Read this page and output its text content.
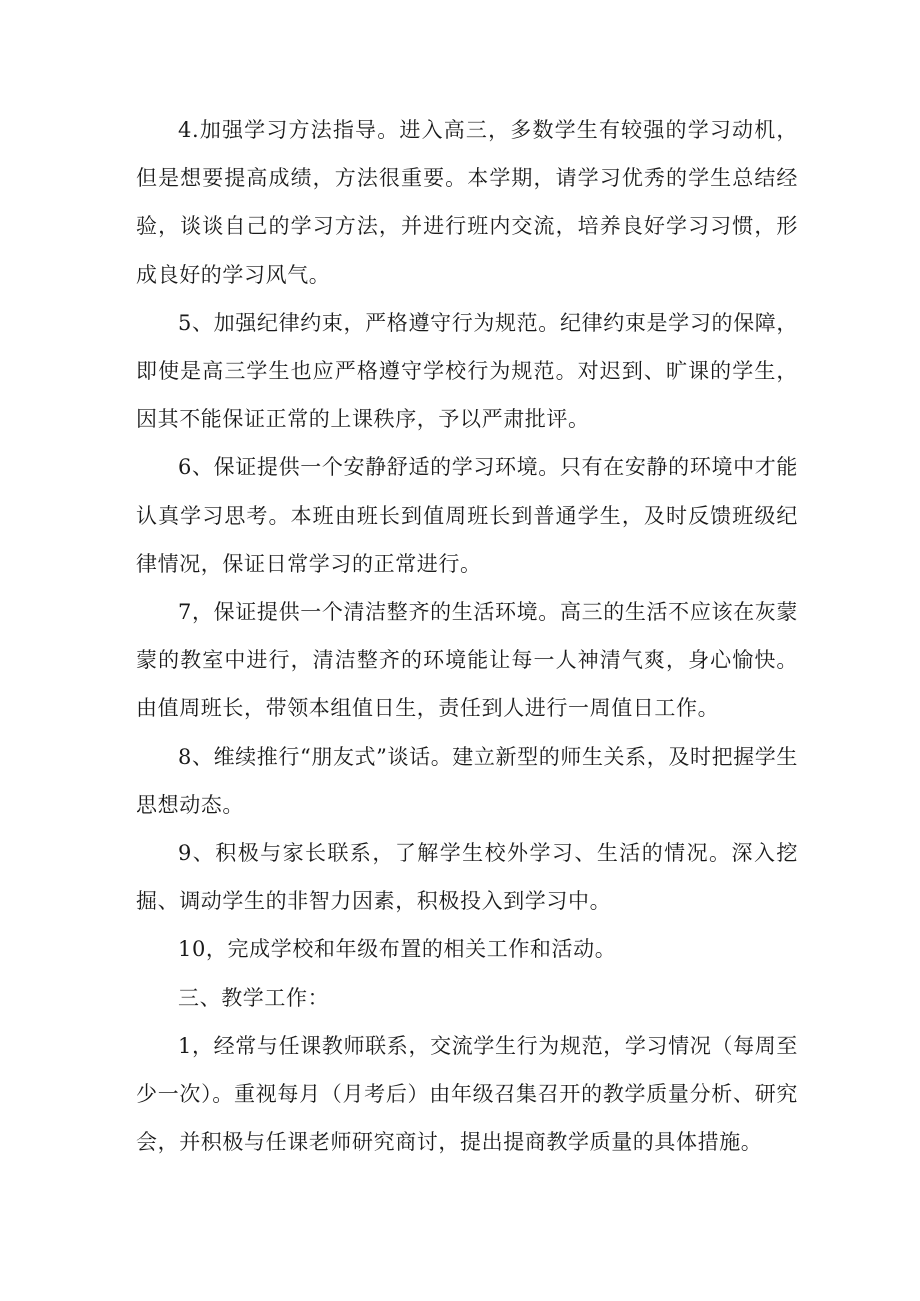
4.加强学习方法指导。进入高三，多数学生有较强的学习动机，但是想要提高成绩，方法很重要。本学期，请学习优秀的学生总结经验，谈谈自己的学习方法，并进行班内交流，培养良好学习习惯，形成良好的学习风气。

5、加强纪律约束，严格遵守行为规范。纪律约束是学习的保障，即使是高三学生也应严格遵守学校行为规范。对迟到、旷课的学生，因其不能保证正常的上课秩序，予以严肃批评。

6、保证提供一个安静舒适的学习环境。只有在安静的环境中才能认真学习思考。本班由班长到值周班长到普通学生，及时反馈班级纪律情况，保证日常学习的正常进行。

7，保证提供一个清洁整齐的生活环境。高三的生活不应该在灰蒙蒙的教室中进行，清洁整齐的环境能让每一人神清气爽，身心愉快。由值周班长，带领本组值日生，责任到人进行一周值日工作。

8、维续推行“朋友式”谈话。建立新型的师生关系，及时把握学生思想动态。

9、积极与家长联系，了解学生校外学习、生活的情况。深入挖掘、调动学生的非智力因素，积极投入到学习中。

10，完成学校和年级布置的相关工作和活动。

三、教学工作：

1，经常与任课教师联系，交流学生行为规范，学习情况（每周至少一次）。重视每月（月考后）由年级召集召开的教学质量分析、研究会，并积极与任课老师研究商讨，提出提商教学质量的具体措施。
